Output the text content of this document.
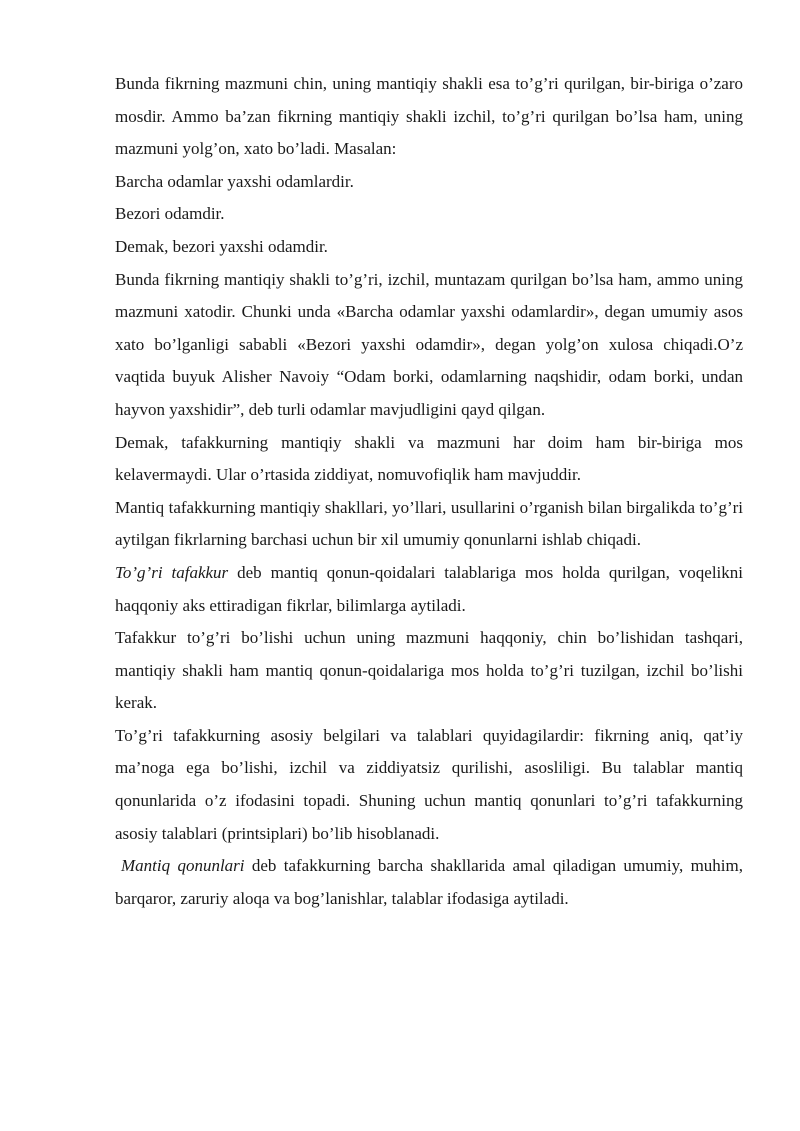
Bunda fikrning mazmuni chin, uning mantiqiy shakli esa to’g’ri qurilgan, bir-biriga o’zaro mosdir. Ammo ba’zan fikrning mantiqiy shakli izchil, to’g’ri qurilgan bo’lsa ham, uning mazmuni yolg’on, xato bo’ladi. Masalan:

Barcha odamlar yaxshi odamlardir.

Bezori odamdir.

Demak, bezori yaxshi odamdir.

Bunda fikrning mantiqiy shakli to’g’ri, izchil, muntazam qurilgan bo’lsa ham, ammo uning mazmuni xatodir. Chunki unda «Barcha odamlar yaxshi odamlardir», degan umumiy asos xato bo’lganligi sababli «Bezori yaxshi odamdir», degan yolg’on xulosa chiqadi.O’z vaqtida buyuk Alisher Navoiy “Odam borki, odamlarning naqshidir, odam borki, undan hayvon yaxshidir”, deb turli odamlar mavjudligini qayd qilgan.

Demak, tafakkurning mantiqiy shakli va mazmuni har doim ham bir-biriga mos kelavermaydi. Ular o’rtasida ziddiyat, nomuvofiqlik ham mavjuddir.

Mantiq tafakkurning mantiqiy shakllari, yo’llari, usullarini o’rganish bilan birgalikda to’g’ri aytilgan fikrlarning barchasi uchun bir xil umumiy qonunlarni ishlab chiqadi.

To’g’ri tafakkur deb mantiq qonun-qoidalari talablariga mos holda qurilgan, voqelikni haqqoniy aks ettiradigan fikrlar, bilimlarga aytiladi.

Tafakkur to’g’ri bo’lishi uchun uning mazmuni haqqoniy, chin bo’lishidan tashqari, mantiqiy shakli ham mantiq qonun-qoidalariga mos holda to’g’ri tuzilgan, izchil bo’lishi kerak.

To’g’ri tafakkurning asosiy belgilari va talablari quyidagilardir: fikrning aniq, qat’iy ma’noga ega bo’lishi, izchil va ziddiyatsiz qurilishi, asosliligi. Bu talablar mantiq qonunlarida o’z ifodasini topadi. Shuning uchun mantiq qonunlari to’g’ri tafakkurning asosiy talablari (printsiplari) bo’lib hisoblanadi.

Mantiq qonunlari deb tafakkurning barcha shakllarida amal qiladigan umumiy, muhim, barqaror, zaruriy aloqa va bog’lanishlar, talablar ifodasiga aytiladi.
